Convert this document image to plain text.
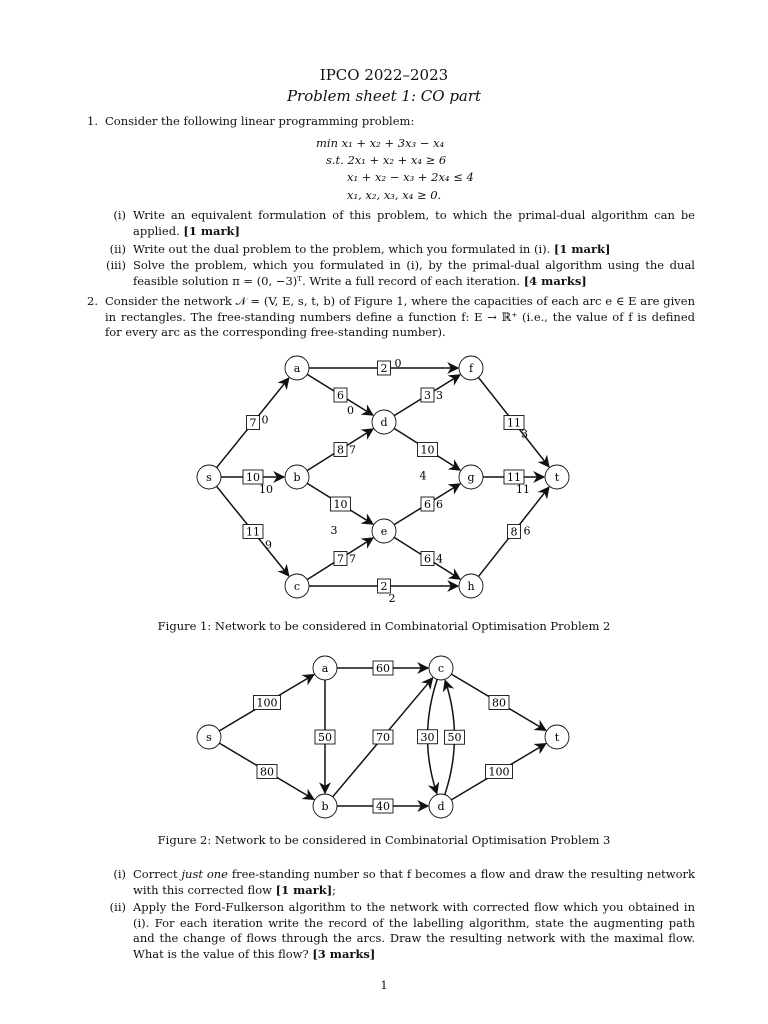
IPCO 2022–2023
Problem sheet 1: CO part
1. Consider the following linear programming problem:
min x₁ + x₂ + 3x₃ − x₄
s.t. 2x₁ + x₂ + x₄ ≥ 6
x₁ + x₂ − x₃ + 2x₄ ≤ 4
x₁, x₂, x₃, x₄ ≥ 0.
(i) Write an equivalent formulation of this problem, to which the primal-dual algorithm can be applied. [1 mark]
(ii) Write out the dual problem to the problem, which you formulated in (i). [1 mark]
(iii) Solve the problem, which you formulated in (i), by the primal-dual algorithm using the dual feasible solution π = (0, −3)ᵀ. Write a full record of each iteration. [4 marks]
2. Consider the network 𝒩 = (V, E, s, t, b) of Figure 1, where the capacities of each arc e ∈ E are given in rectangles. The free-standing numbers define a function f: E → ℝ⁺ (i.e., the value of f is defined for every arc as the corresponding free-standing number).
7 0
10
10
11
9
2 0
6
0
8 7
10
3
7 7
2
2
3 3
10
4
6 6
6 4
11
3
11
11
8 6
s
a
b
c
d
e
f
g
h
t
Figure 1: Network to be considered in Combinatorial Optimisation Problem 2
100
80
60
50	70
40
30 50
80
100
s
a
b
c
d
t
Figure 2: Network to be considered in Combinatorial Optimisation Problem 3
(i) Correct just one free-standing number so that f becomes a flow and draw the resulting network with this corrected flow [1 mark];
(ii) Apply the Ford-Fulkerson algorithm to the network with corrected flow which you obtained in (i). For each iteration write the record of the labelling algorithm, state the augmenting path and the change of flows through the arcs. Draw the resulting network with the maximal flow. What is the value of this flow? [3 marks]
1
